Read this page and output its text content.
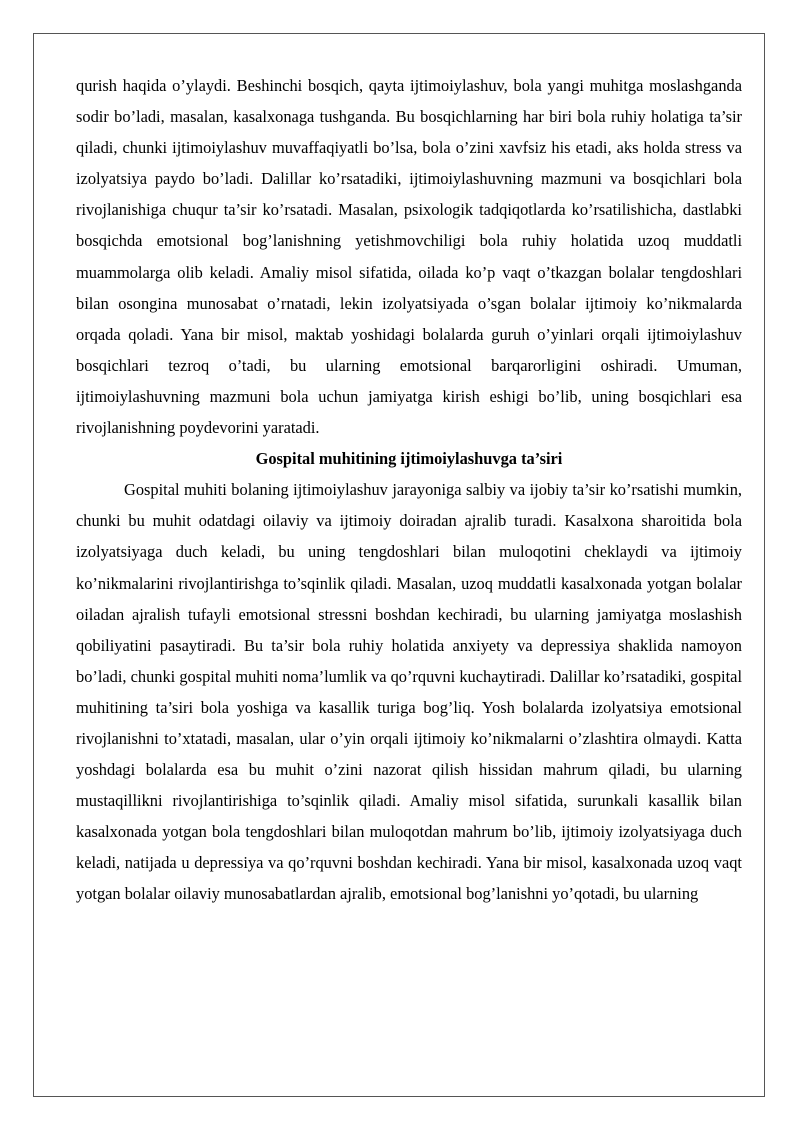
qurish haqida o’ylaydi. Beshinchi bosqich, qayta ijtimoiylashuv, bola yangi muhitga moslashganda sodir bo’ladi, masalan, kasalxonaga tushganda. Bu bosqichlarning har biri bola ruhiy holatiga ta’sir qiladi, chunki ijtimoiylashuv muvaffaqiyatli bo’lsa, bola o’zini xavfsiz his etadi, aks holda stress va izolyatsiya paydo bo’ladi. Dalillar ko’rsatadiki, ijtimoiylashuvning mazmuni va bosqichlari bola rivojlanishiga chuqur ta’sir ko’rsatadi. Masalan, psixologik tadqiqotlarda ko’rsatilishicha, dastlabki bosqichda emotsional bog’lanishning yetishmovchiligi bola ruhiy holatida uzoq muddatli muammolarga olib keladi. Amaliy misol sifatida, oilada ko’p vaqt o’tkazgan bolalar tengdoshlari bilan osongina munosabat o’rnatadi, lekin izolyatsiyada o’sgan bolalar ijtimoiy ko’nikmalarda orqada qoladi. Yana bir misol, maktab yoshidagi bolalarda guruh o’yinlari orqali ijtimoiylashuv bosqichlari tezroq o’tadi, bu ularning emotsional barqarorligini oshiradi. Umuman, ijtimoiylashuvning mazmuni bola uchun jamiyatga kirish eshigi bo’lib, uning bosqichlari esa rivojlanishning poydevorini yaratadi.

Gospital muhitining ijtimoiylashuvga ta’siri

Gospital muhiti bolaning ijtimoiylashuv jarayoniga salbiy va ijobiy ta’sir ko’rsatishi mumkin, chunki bu muhit odatdagi oilaviy va ijtimoiy doiradan ajralib turadi. Kasalxona sharoitida bola izolyatsiyaga duch keladi, bu uning tengdoshlari bilan muloqotini cheklaydi va ijtimoiy ko’nikmalarini rivojlantirishga to’sqinlik qiladi. Masalan, uzoq muddatli kasalxonada yotgan bolalar oiladan ajralish tufayli emotsional stressni boshdan kechiradi, bu ularning jamiyatga moslashish qobiliyatini pasaytiradi. Bu ta’sir bola ruhiy holatida anxiyety va depressiya shaklida namoyon bo’ladi, chunki gospital muhiti noma’lumlik va qo’rquvni kuchaytiradi. Dalillar ko’rsatadiki, gospital muhitining ta’siri bola yoshiga va kasallik turiga bog’liq. Yosh bolalarda izolyatsiya emotsional rivojlanishni to’xtatadi, masalan, ular o’yin orqali ijtimoiy ko’nikmalarni o’zlashtira olmaydi. Katta yoshdagi bolalarda esa bu muhit o’zini nazorat qilish hissidan mahrum qiladi, bu ularning mustaqillikni rivojlantirishiga to’sqinlik qiladi. Amaliy misol sifatida, surunkali kasallik bilan kasalxonada yotgan bola tengdoshlari bilan muloqotdan mahrum bo’lib, ijtimoiy izolyatsiyaga duch keladi, natijada u depressiya va qo’rquvni boshdan kechiradi. Yana bir misol, kasalxonada uzoq vaqt yotgan bolalar oilaviy munosabatlardan ajralib, emotsional bog’lanishni yo’qotadi, bu ularning
